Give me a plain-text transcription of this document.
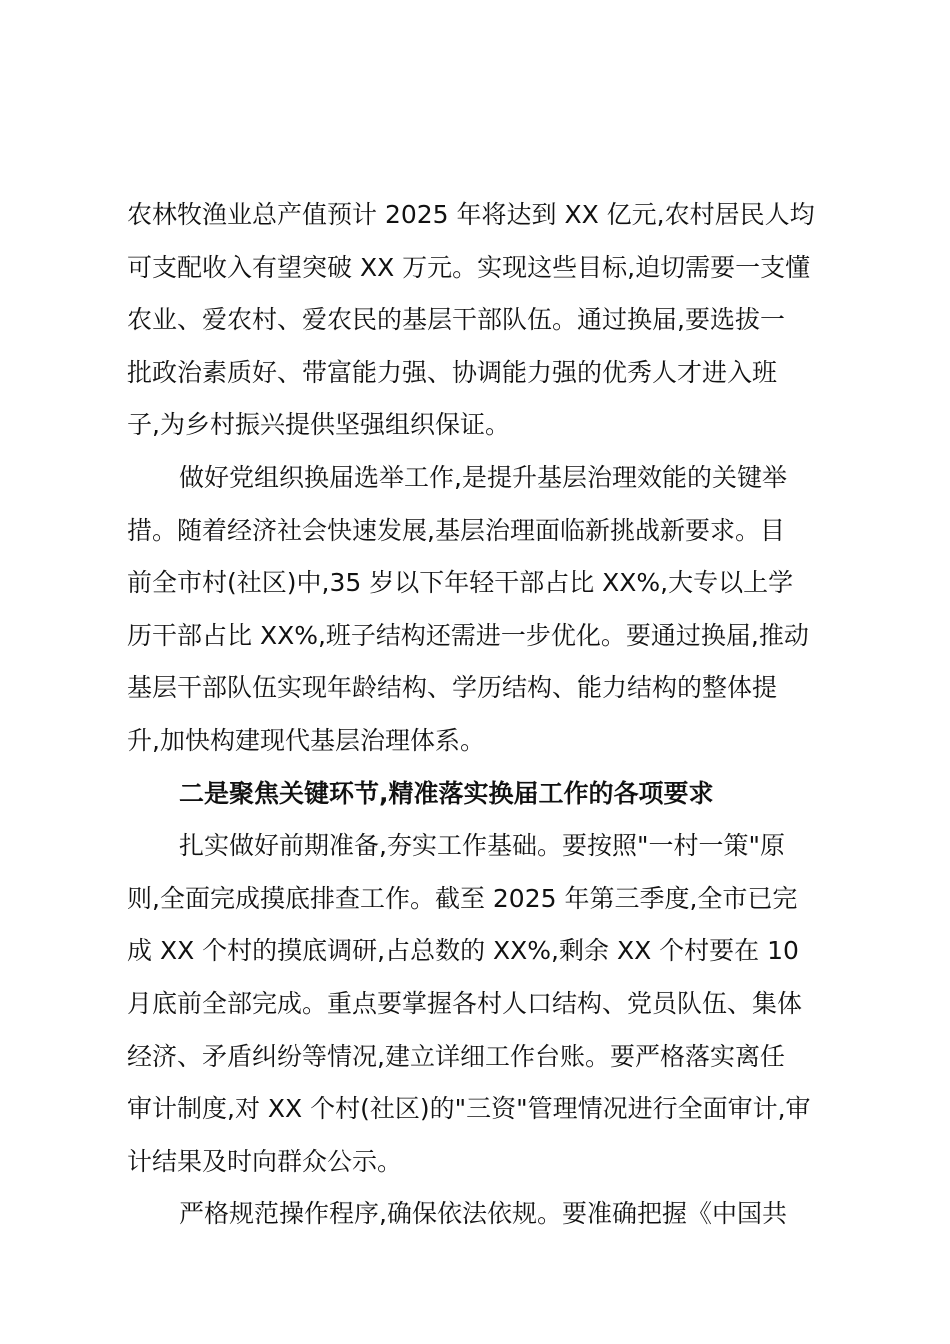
农林牧渔业总产值预计 2025 年将达到 XX 亿元,农村居民人均
可支配收入有望突破 XX 万元。实现这些目标,迫切需要一支懂
农业、爱农村、爱农民的基层干部队伍。通过换届,要选拔一
批政治素质好、带富能力强、协调能力强的优秀人才进入班
子,为乡村振兴提供坚强组织保证。
做好党组织换届选举工作,是提升基层治理效能的关键举
措。随着经济社会快速发展,基层治理面临新挑战新要求。目
前全市村(社区)中,35 岁以下年轻干部占比 XX%,大专以上学
历干部占比 XX%,班子结构还需进一步优化。要通过换届,推动
基层干部队伍实现年龄结构、学历结构、能力结构的整体提
升,加快构建现代基层治理体系。
二是聚焦关键环节,精准落实换届工作的各项要求
扎实做好前期准备,夯实工作基础。要按照"一村一策"原
则,全面完成摸底排查工作。截至 2025 年第三季度,全市已完
成 XX 个村的摸底调研,占总数的 XX%,剩余 XX 个村要在 10
月底前全部完成。重点要掌握各村人口结构、党员队伍、集体
经济、矛盾纠纷等情况,建立详细工作台账。要严格落实离任
审计制度,对 XX 个村(社区)的"三资"管理情况进行全面审计,审
计结果及时向群众公示。
严格规范操作程序,确保依法依规。要准确把握《中国共
